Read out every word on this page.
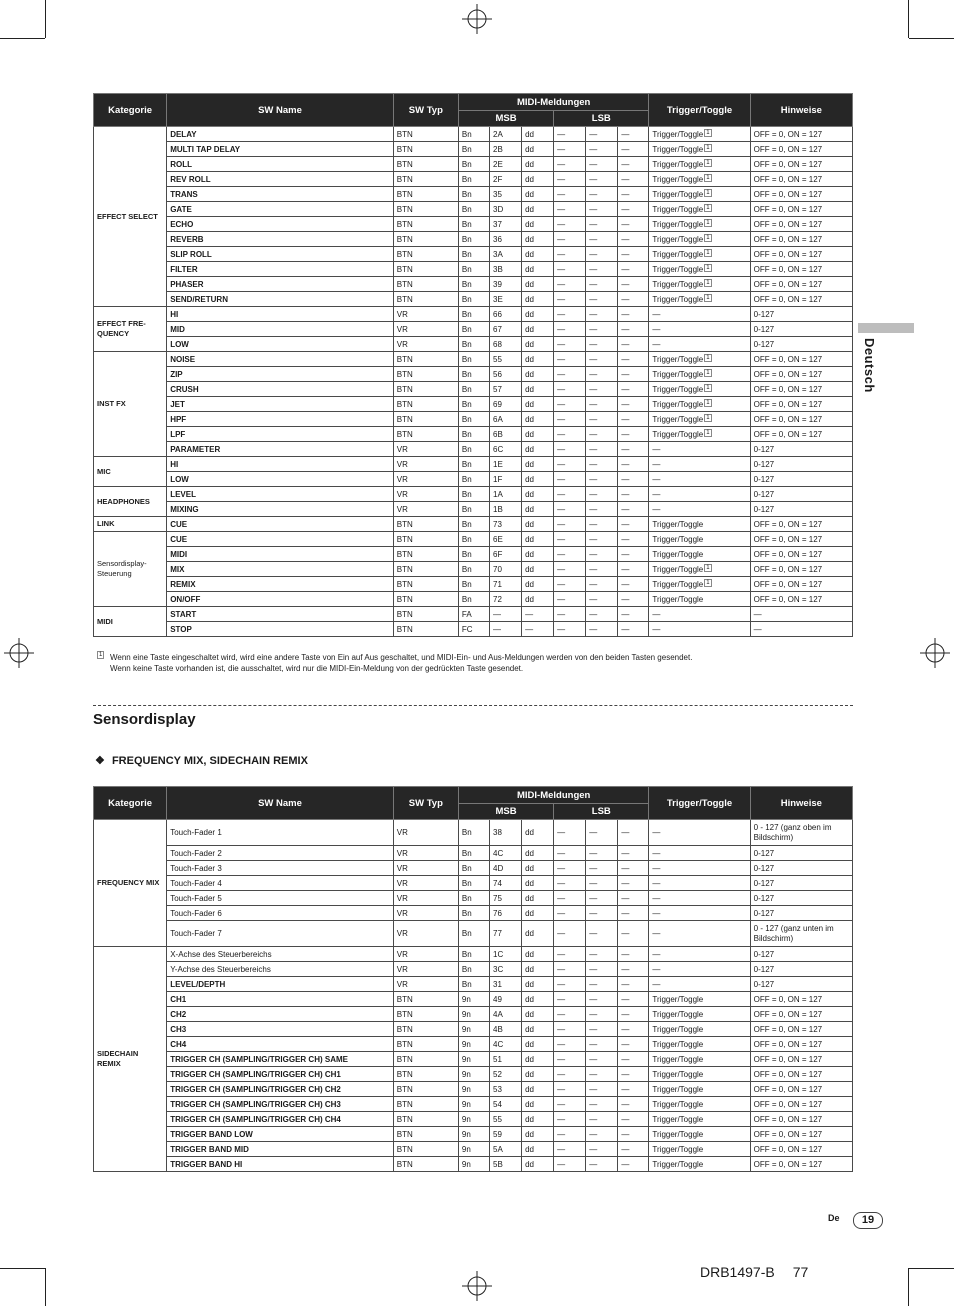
Kategorie	SW Name	SW Typ	MIDI-Meldungen						Trigger/Toggle	Hinweise
			MSB			LSB				
EFFECT SELECT	DELAY	BTN	Bn	2A	dd	—	—	—	Trigger/Toggle $^1$	OFF = 0, ON = 127
	MULTI TAP DELAY	BTN	Bn	2B	dd	—	—	—	Trigger/Toggle $^1$	OFF = 0, ON = 127
	ROLL	BTN	Bn	2E	dd	—	—	—	Trigger/Toggle $^1$	OFF = 0, ON = 127
	REV ROLL	BTN	Bn	2F	dd	—	—	—	Trigger/Toggle $^1$	OFF = 0, ON = 127
	TRANS	BTN	Bn	35	dd	—	—	—	Trigger/Toggle $^1$	OFF = 0, ON = 127
	GATE	BTN	Bn	3D	dd	—	—	—	Trigger/Toggle $^1$	OFF = 0, ON = 127
	ECHO	BTN	Bn	37	dd	—	—	—	Trigger/Toggle $^1$	OFF = 0, ON = 127
	REVERB	BTN	Bn	36	dd	—	—	—	Trigger/Toggle $^1$	OFF = 0, ON = 127
	SLIP ROLL	BTN	Bn	3A	dd	—	—	—	Trigger/Toggle $^1$	OFF = 0, ON = 127
	FILTER	BTN	Bn	3B	dd	—	—	—	Trigger/Toggle $^1$	OFF = 0, ON = 127
	PHASER	BTN	Bn	39	dd	—	—	—	Trigger/Toggle $^1$	OFF = 0, ON = 127
	SEND/RETURN	BTN	Bn	3E	dd	—	—	—	Trigger/Toggle $^1$	OFF = 0, ON = 127
EFFECT FRE-QUENCY	HI	VR	Bn	66	dd	—	—	—	—	0-127
	MID	VR	Bn	67	dd	—	—	—	—	0-127
	LOW	VR	Bn	68	dd	—	—	—	—	0-127
INST FX	NOISE	BTN	Bn	55	dd	—	—	—	Trigger/Toggle $^1$	OFF = 0, ON = 127
	ZIP	BTN	Bn	56	dd	—	—	—	Trigger/Toggle $^1$	OFF = 0, ON = 127
	CRUSH	BTN	Bn	57	dd	—	—	—	Trigger/Toggle $^1$	OFF = 0, ON = 127
	JET	BTN	Bn	69	dd	—	—	—	Trigger/Toggle $^1$	OFF = 0, ON = 127
	HPF	BTN	Bn	6A	dd	—	—	—	Trigger/Toggle $^1$	OFF = 0, ON = 127
	LPF	BTN	Bn	6B	dd	—	—	—	Trigger/Toggle $^1$	OFF = 0, ON = 127
	PARAMETER	VR	Bn	6C	dd	—	—	—	—	0-127
MIC	HI	VR	Bn	1E	dd	—	—	—	—	0-127
	LOW	VR	Bn	1F	dd	—	—	—	—	0-127
HEADPHONES	LEVEL	VR	Bn	1A	dd	—	—	—	—	0-127
	MIXING	VR	Bn	1B	dd	—	—	—	—	0-127
LINK	CUE	BTN	Bn	73	dd	—	—	—	Trigger/Toggle	OFF = 0, ON = 127
Sensordisplay-Steuerung	CUE	BTN	Bn	6E	dd	—	—	—	Trigger/Toggle	OFF = 0, ON = 127
	MIDI	BTN	Bn	6F	dd	—	—	—	Trigger/Toggle	OFF = 0, ON = 127
	MIX	BTN	Bn	70	dd	—	—	—	Trigger/Toggle $^1$	OFF = 0, ON = 127
	REMIX	BTN	Bn	71	dd	—	—	—	Trigger/Toggle $^1$	OFF = 0, ON = 127
	ON/OFF	BTN	Bn	72	dd	—	—	—	Trigger/Toggle	OFF = 0, ON = 127
MIDI	START	BTN	FA	—	—	—	—	—	—	—
	STOP	BTN	FC	—	—	—	—	—	—	—
$^1$ Wenn eine Taste eingeschaltet wird, wird eine andere Taste von Ein auf Aus geschaltet, und MIDI-Ein- und Aus-Meldungen werden von den beiden Tasten gesendet.
Wenn keine Taste vorhanden ist, die ausschaltet, wird nur die MIDI-Ein-Meldung von der gedrückten Taste gesendet.
Sensordisplay
❖ FREQUENCY MIX, SIDECHAIN REMIX
Kategorie	SW Name	SW Typ	MIDI-Meldungen						Trigger/Toggle	Hinweise
			MSB			LSB				
FREQUENCY MIX	Touch-Fader 1	VR	Bn	38	dd	—	—	—	—	0 - 127 (ganz oben im Bildschirm)
	Touch-Fader 2	VR	Bn	4C	dd	—	—	—	—	0-127
	Touch-Fader 3	VR	Bn	4D	dd	—	—	—	—	0-127
	Touch-Fader 4	VR	Bn	74	dd	—	—	—	—	0-127
	Touch-Fader 5	VR	Bn	75	dd	—	—	—	—	0-127
	Touch-Fader 6	VR	Bn	76	dd	—	—	—	—	0-127
	Touch-Fader 7	VR	Bn	77	dd	—	—	—	—	0 - 127 (ganz unten im Bildschirm)
SIDECHAIN REMIX	X-Achse des Steuerbereichs	VR	Bn	1C	dd	—	—	—	—	0-127
	Y-Achse des Steuerbereichs	VR	Bn	3C	dd	—	—	—	—	0-127
	LEVEL/DEPTH	VR	Bn	31	dd	—	—	—	—	0-127
	CH1	BTN	9n	49	dd	—	—	—	Trigger/Toggle	OFF = 0, ON = 127
	CH2	BTN	9n	4A	dd	—	—	—	Trigger/Toggle	OFF = 0, ON = 127
	CH3	BTN	9n	4B	dd	—	—	—	Trigger/Toggle	OFF = 0, ON = 127
	CH4	BTN	9n	4C	dd	—	—	—	Trigger/Toggle	OFF = 0, ON = 127
	TRIGGER CH (SAMPLING/TRIGGER CH) SAME	BTN	9n	51	dd	—	—	—	Trigger/Toggle	OFF = 0, ON = 127
	TRIGGER CH (SAMPLING/TRIGGER CH) CH1	BTN	9n	52	dd	—	—	—	Trigger/Toggle	OFF = 0, ON = 127
	TRIGGER CH (SAMPLING/TRIGGER CH) CH2	BTN	9n	53	dd	—	—	—	Trigger/Toggle	OFF = 0, ON = 127
	TRIGGER CH (SAMPLING/TRIGGER CH) CH3	BTN	9n	54	dd	—	—	—	Trigger/Toggle	OFF = 0, ON = 127
	TRIGGER CH (SAMPLING/TRIGGER CH) CH4	BTN	9n	55	dd	—	—	—	Trigger/Toggle	OFF = 0, ON = 127
	TRIGGER BAND LOW	BTN	9n	59	dd	—	—	—	Trigger/Toggle	OFF = 0, ON = 127
	TRIGGER BAND MID	BTN	9n	5A	dd	—	—	—	Trigger/Toggle	OFF = 0, ON = 127
	TRIGGER BAND HI	BTN	9n	5B	dd	—	—	—	Trigger/Toggle	OFF = 0, ON = 127
Deutsch
De	19
DRB1497-B 77
